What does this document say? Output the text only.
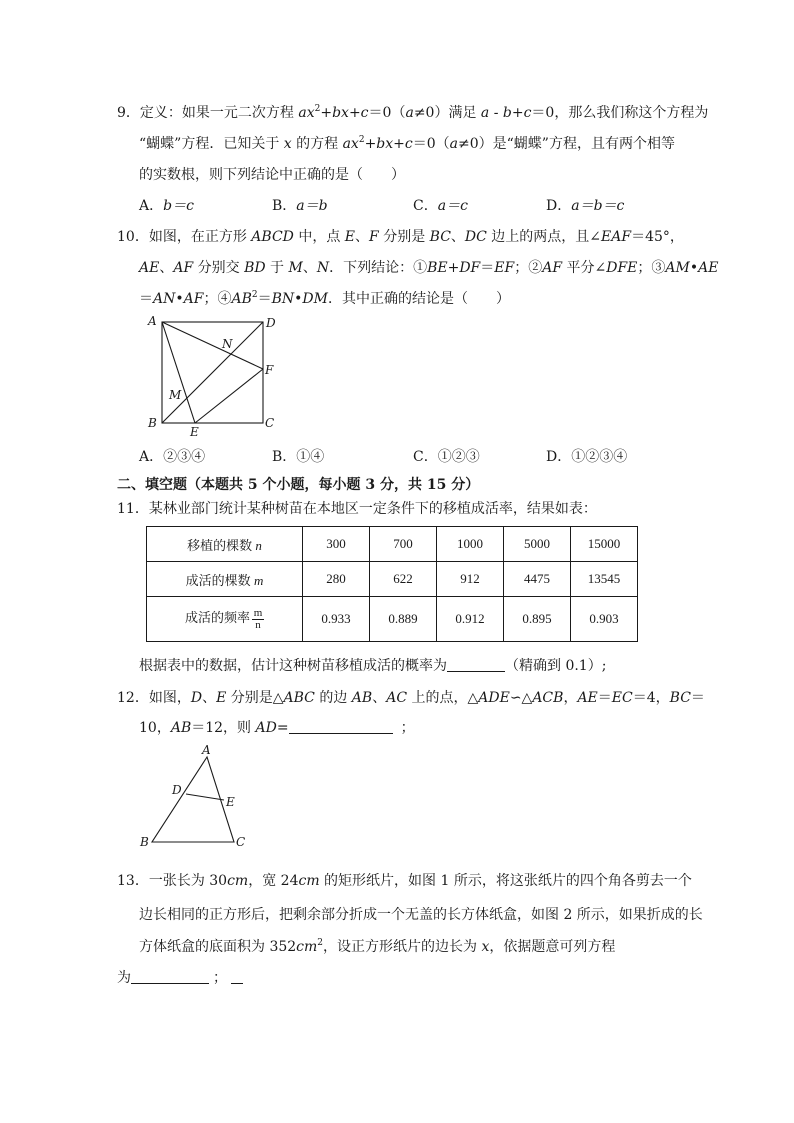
9．定义：如果一元二次方程 $ax^2+bx+c=0(a\ne 0)$满足 a - b+c＝0，那么我们称这个方程为
“蝴蝶”方程．已知关于 x 的方程 $ax^2+bx+c=0(a\ne 0)$是“蝴蝶”方程，且有两个相等
的实数根，则下列结论中正确的是（　　）
A．b＝c	B．a＝b	C．a＝c	D．a＝b＝c
10．如图，在正方形 ABCD 中，点 E、F 分别是 BC、DC 边上的两点，且∠EAF＝45°，
AE、AF 分别交 BD 于 M、N．下列结论：①BE+DF＝EF；②AF 平分∠DFE；③AM•AE
＝AN•AF；$④AB^2=BN•DM$．其中正确的结论是（　　）
A	D
N
F
M
B
E
C
A．②③④	B．①④	C．①②③	D．①②③④
二、填空题（本题共 5 个小题，每小题 3 分，共 15 分）
11．某林业部门统计某种树苗在本地区一定条件下的移植成活率，结果如表：
移植的棵数 n	300	700	1000	5000	15000
成活的棵数 m	280	622	912	4475	13545
成活的频率 $\frac{m}{n}$	0.933	0.889	0.912	0.895	0.903
根据表中的数据，估计这种树苗移植成活的概率为	（精确到 0.1）;
12．如图，D、E 分别是△ABC 的边 AB、AC 上的点，△ADE∽△ACB，AE＝EC＝4，BC＝
10，AB＝12，则 AD=	；
A
D
E
B	C
13．一张长为 30cm，宽 24cm 的矩形纸片，如图 1 所示，将这张纸片的四个角各剪去一个
边长相同的正方形后，把剩余部分折成一个无盖的长方体纸盒，如图 2 所示，如果折成的长
方体纸盒的底面积为 $352cm^2$，设正方形纸片的边长为 x，依据题意可列方程
为	；
